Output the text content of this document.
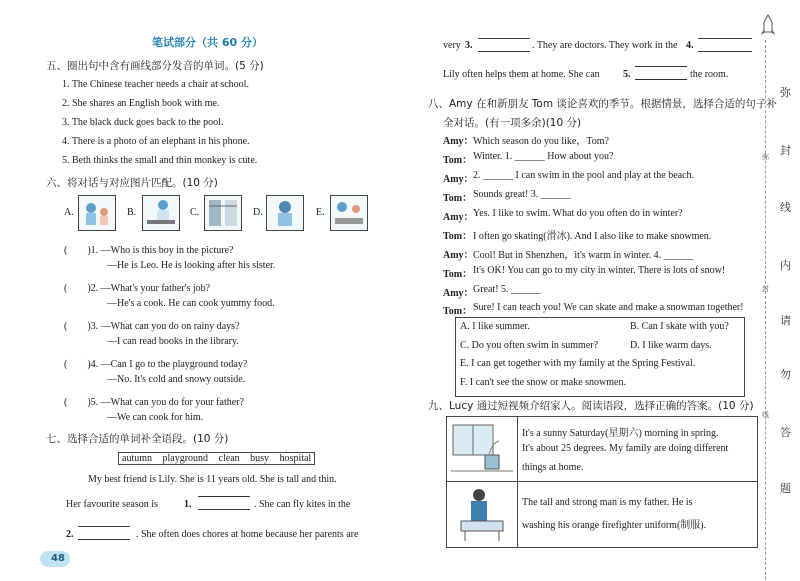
笔试部分（共 60 分）
五、圈出句中含有画线部分发音的单词。(5 分)
1. The Chinese teacher needs a chair at school.
2. She shares an English book with me.
3. The black duck goes back to the pool.
4. There is a photo of an elephant in his phone.
5. Beth thinks the small and thin monkey is cute.
六、将对话与对应图片匹配。(10 分)
A.	B.	C.	D.	E.
(　　)1. —Who is this boy in the picture?
—He is Leo. He is looking after his sister.
(　　)2. —What's your father's job?
—He's a cook. He can cook yummy food.
(　　)3. —What can you do on rainy days?
—I can read books in the library.
(　　)4. —Can I go to the playground today?
—No. It's cold and snowy outside.
(　　)5. —What can you do for your father?
—We can cook for him.
七、选择合适的单词补全语段。(10 分)
autumn playground clean busy hospital
My best friend is Lily. She is 11 years old. She is tall and thin.
Her favourite season is	1.	. She can fly kites in the
2.	. She often does chores at home because her parents are
48
very 3.	. They are doctors. They work in the 4.
Lily often helps them at home. She can 5.	the room.
八、Amy 在和新朋友 Tom 谈论喜欢的季节。根据情景，选择合适的句子补
全对话。(有一项多余)(10 分)
Amy： Which season do you like，Tom?
Tom： Winter. 1. ______ How about you?
Amy： 2. ______ I can swim in the pool and play at the beach.
Tom： Sounds great! 3. ______
Amy： Yes. I like to swim. What do you often do in winter?
Tom： I often go skating(滑冰). And I also like to make snowmen.
Amy： Cool! But in Shenzhen，it's warm in winter. 4. ______
Tom： It's OK! You can go to my city in winter. There is lots of snow!
Amy： Great! 5. ______
Tom： Sure! I can teach you! We can skate and make a snowman together!
A. I like summer.	B. Can I skate with you?
C. Do you often swim in summer?	D. I like warm days.
E. I can get together with my family at the Spring Festival.
F. I can't see the snow or make snowmen.
九、Lucy 通过短视频介绍家人。阅读语段，选择正确的答案。(10 分)
It's a sunny Saturday(星期六) morning in spring.
It's about 25 degrees. My family are doing different
things at home.
The tall and strong man is my father. He is
washing his orange firefighter uniform(制服).
弥
封
线
内
请
勿
答
题
弥
封
线
